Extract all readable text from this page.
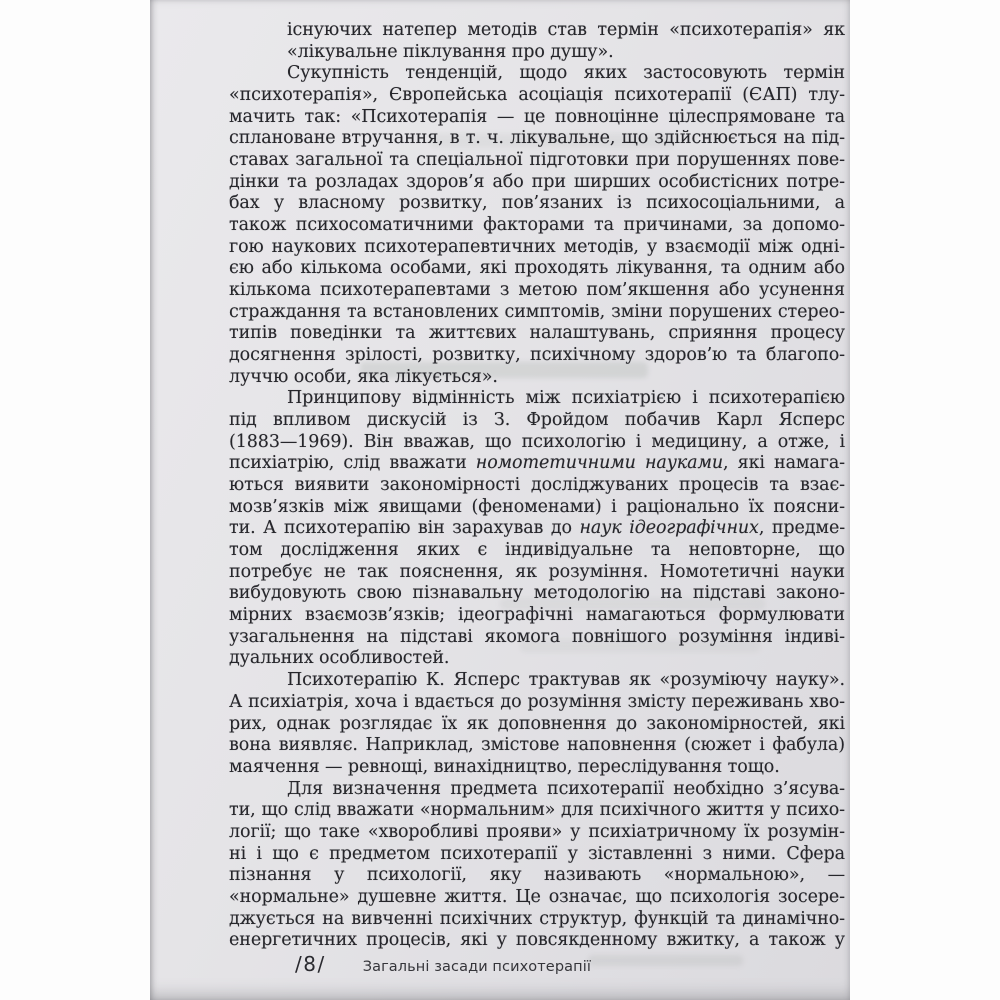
існуючих натепер методів став термін «психотерапія» як
«лікувальне піклування про душу».
Сукупність тенденцій, щодо яких застосовують термін
«психотерапія», Європейська асоціація психотерапії (ЄАП) тлу-
мачить так: «Психотерапія — це повноцінне цілеспрямоване та
сплановане втручання, в т. ч. лікувальне, що здійснюється на під-
ставах загальної та спеціальної підготовки при порушеннях пове-
дінки та розладах здоров’я або при ширших особистісних потре-
бах у власному розвитку, пов’язаних із психосоціальними, а
також психосоматичними факторами та причинами, за допомо-
гою наукових психотерапевтичних методів, у взаємодії між одні-
єю або кількома особами, які проходять лікування, та одним або
кількома психотерапевтами з метою пом’якшення або усунення
страждання та встановлених симптомів, зміни порушених стерео-
типів поведінки та життєвих налаштувань, сприяння процесу
досягнення зрілості, розвитку, психічному здоров’ю та благопо-
луччю особи, яка лікується».
Принципову відмінність між психіатрією і психотерапією
під впливом дискусій із З. Фройдом побачив Карл Ясперс
(1883—1969). Він вважав, що психологію і медицину, а отже, і
психіатрію, слід вважати номотетичними науками, які намага-
ються виявити закономірності досліджуваних процесів та взає-
мозв’язків між явищами (феноменами) і раціонально їх поясни-
ти. А психотерапію він зарахував до наук ідеографічних, предме-
том дослідження яких є індивідуальне та неповторне, що
потребує не так пояснення, як розуміння. Номотетичні науки
вибудовують свою пізнавальну методологію на підставі законо-
мірних взаємозв’язків; ідеографічні намагаються формулювати
узагальнення на підставі якомога повнішого розуміння індиві-
дуальних особливостей.
Психотерапію К. Ясперс трактував як «розуміючу науку».
А психіатрія, хоча і вдається до розуміння змісту переживань хво-
рих, однак розглядає їх як доповнення до закономірностей, які
вона виявляє. Наприклад, змістове наповнення (сюжет і фабула)
маячення — ревнощі, винахідництво, переслідування тощо.
Для визначення предмета психотерапії необхідно з’ясува-
ти, що слід вважати «нормальним» для психічного життя у психо-
логії; що таке «хворобливі прояви» у психіатричному їх розумін-
ні і що є предметом психотерапії у зіставленні з ними. Сфера
пізнання у психології, яку називають «нормальною», —
«нормальне» душевне життя. Це означає, що психологія зосере-
джується на вивченні психічних структур, функцій та динамічно-
енергетичних процесів, які у повсякденному вжитку, а також у
/8/	Загальні засади психотерапії
